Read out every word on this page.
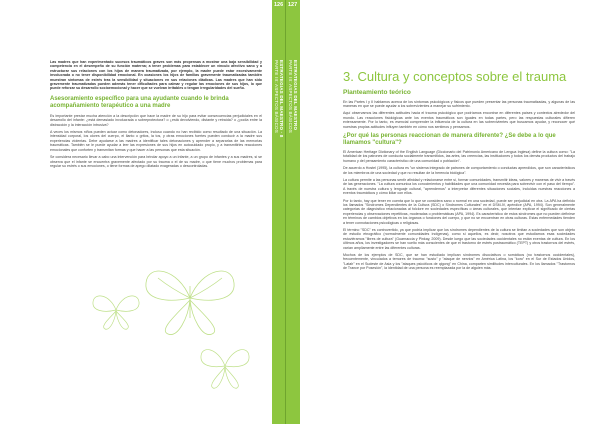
Las madres que han experimentado sucesos traumáticos graves son más propensas a mostrar una baja sensibilidad y competencia en el desempeño de su función materna; a tener problemas para establecer un vínculo afectivo sano y a estructurar sus relaciones con los hijos de manera traumatizada, por ejemplo, la madre puede estar excesivamente involucrada o no tener disponibilidad emocional. En ocasiones los hijos de familias gravemente traumatizadas también muestran síntomas de estrés tras la sensibilidad y situaciones en sus relaciones diádicas. Las madres que han sido gravemente traumatizadas pueden además tener dificultades para calmar y regular las emociones de sus hijos, lo que puede reforzar su desarrollo socioemocional y hacer que se vuelvan irritables o tengan irregularidades del sueño.

Asesoramiento específico para una ayudante cuando le brinda acompañamiento terapéutico a una madre

Es importante prestar mucha atención a la descripción que hace la madre de su hijo para evitar consecuencias perjudiciales en el desarrollo del infante: ¿está demasiado involucrada o sobreprotectora? o ¿está devolviendo, distante y retraída? o ¿podía entre la distracción y la interacción intrusiva?

A veces los mismos niños pueden actuar como detonadores, incluso cuando no han recibido como resultado de una situación. La intensidad corporal, los olores del cuerpo, el llanto o gritos, la tos, y otras emociones fuertes pueden conducir a la madre sus experiencias violentas. Debe ayudarse a las madres a identificar tales detonaciones y aprender a separarlas de las memorias traumáticas. También se le puede ayudar a leer las expresiones de sus hijos en autocuidado propio, y a transmitirles reacciones emocionales que conforten y transmitan formas y que hacer a las personas que esta situación.

Se considera necesario llevar a cabo una intervención para brindar apoyo a un infante, a un grupo de infantes y a sus madres, si se observa que el infante se encuentra gravemente afectado por su trauma o el de su madre, o que tiene muchos problemas para regular su estrés o sus emociones, o tiene formas de apego dilatado exageradas o descontroladas.

126 127
ESTRATEGIAS DEL MAESTRO · 8
PARTE III: ASPECTOS BÁSICOS	ESTRATEGIAS DEL MAESTRO
PARTE III: ASPECTOS BÁSICOS	3. Cultura y conceptos sobre el trauma
Planteamiento teórico

En las Partes I y II hablamos acerca de los síntomas psicológicos y físicos que pueden presentar las personas traumatizadas, y algunas de las maneras en que se puede ayudar a los sobrevivientes a manejar su sufrimiento.

Aquí observamos las diferentes actitudes hacia el trauma psicológico que podríamos encontrar en diferentes países y contextos alrededor del mundo. Las reacciones fisiológicas ante los eventos traumáticos son iguales en todas partes, pero las respuestas culturales difieren extensamente. Por lo tanto, es esencial comprender la influencia de la cultura en las sobrevivientes que buscamos ayudar, y reconocer qué nuestras propias actitudes influyen también en cómo nos sentimos y pensamos.

¿Por qué las personas reaccionan de manera diferente? ¿Se debe a lo que llamamos "cultura"?

El American Heritage Dictionary of the English Language (Diccionario del Patrimonio Americano de Lengua Inglesa) define la cultura como: "La totalidad de los patrones de conducta socialmente transmitidos, las artes, las creencias, las instituciones y todos los demás productos del trabajo humano y del pensamiento característico de una comunidad o población".

De acuerdo a Hostel (1995), la cultura es "un sistema integrado de patrones de comportamiento o conductas aprendidos, que son característicos de los miembros de una sociedad y que no resultan de la herencia biológica".

La cultura permite a las personas sentir afinidad y relacionarse entre sí, formar comunidades, transmitir ideas, valores y maneras de vivir a través de las generaciones. "La cultura comunica los conocimientos y habilidades que una comunidad necesita para sobrevivir con el paso del tiempo". A través de nuestra cultura y lenguaje cultural, "aprendemos" a interpretar diferentes situaciones sociales, incluidas nuestras reacciones a eventos traumáticos y cómo lidiar con ellos.

Por lo tanto, hay que tener en cuenta que lo que se considera sano o normal en una sociedad, puede ser perjudicial en otra. La APA ha definido los llamados "Síndromes Dependientes de la Cultura (SDC) o Síndromes Culturales" en el DSM-IV, apéndice (APA, 1994). Son generalmente categorías de diagnóstico relacionadas al folclore en sociedades específicas o áreas culturales, que intentan explicar el significado de ciertas experiencias y observaciones repetitivas, moderadas o problemáticas (APA, 1994). Es característico de estos síndromes que no pueden definirse en términos de cambios objetivos en los órganos o funciones del cuerpo, y que no se encuentran en otras culturas. Estas enfermedades tienden a tener connotaciones psicológicas o religiosas.

El término "SDC" es controvertido, ya que podría implicar que los síndromes dependientes de la cultura se limitan a sociedades que son objeto de estudio etnográfico (normalmente comunidades indígenas), como si aquellos, es decir, nosotros que estudiamos esas sociedades estuviéramos "libres de cultura" (Guarnaccia y Pinkay, 2009). Desde luego que las sociedades occidentales no están exentas de cultura. En los últimos años, los investigadores se han vuelto más conscientes de que el trastorno de estrés postraumático (TEPT) y otros trastornos del estrés, varían ampliamente entre las diferentes culturas.

Muchos de los ejemplos de SDC, que se han estudiado implican síndromes disociativos o somáticos (no trastornos occidentales), frecuentemente, vinculados a temores de trauma: "susto" y "ataque de nervios" en América Latina, los "koro" en el Sur de Estados Unidos, "Latah" en el Sudeste de Asia y los "ataques psicóticos de qigong" en China, comparten similitudes interculturales. En los llamados "Trastornos de Trance por Posesión", la identidad de una persona es reemplazada por la de alguien más.
